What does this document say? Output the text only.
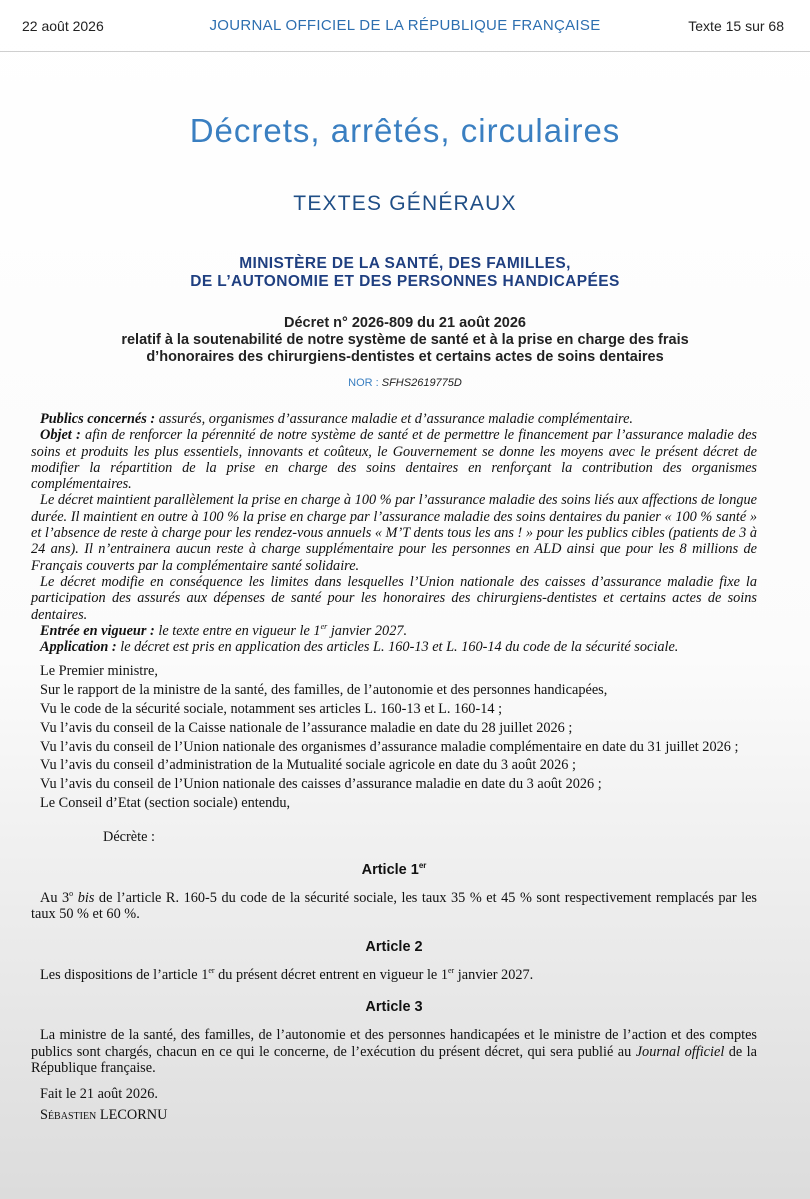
22 août 2026	JOURNAL OFFICIEL DE LA RÉPUBLIQUE FRANÇAISE	Texte 15 sur 68
Décrets, arrêtés, circulaires
TEXTES GÉNÉRAUX
MINISTÈRE DE LA SANTÉ, DES FAMILLES,
DE L’AUTONOMIE ET DES PERSONNES HANDICAPÉES
Décret n° 2026-809 du 21 août 2026
relatif à la soutenabilité de notre système de santé et à la prise en charge des frais
d’honoraires des chirurgiens-dentistes et certains actes de soins dentaires
NOR : SFHS2619775D

Publics concernés : assurés, organismes d’assurance maladie et d’assurance maladie complémentaire.

Objet : afin de renforcer la pérennité de notre système de santé et de permettre le financement par l’assurance maladie des soins et produits les plus essentiels, innovants et coûteux, le Gouvernement se donne les moyens avec le présent décret de modifier la répartition de la prise en charge des soins dentaires en renforçant la contribution des organismes complémentaires.

Le décret maintient parallèlement la prise en charge à 100 % par l’assurance maladie des soins liés aux affections de longue durée. Il maintient en outre à 100 % la prise en charge par l’assurance maladie des soins dentaires du panier « 100 % santé » et l’absence de reste à charge pour les rendez-vous annuels « M’T dents tous les ans ! » pour les publics cibles (patients de 3 à 24 ans). Il n’entrainera aucun reste à charge supplémentaire pour les personnes en ALD ainsi que pour les 8 millions de Français couverts par la complémentaire santé solidaire.

Le décret modifie en conséquence les limites dans lesquelles l’Union nationale des caisses d’assurance maladie fixe la participation des assurés aux dépenses de santé pour les honoraires des chirurgiens-dentistes et certains actes de soins dentaires.

Entrée en vigueur : le texte entre en vigueur le 1er janvier 2027.

Application : le décret est pris en application des articles L. 160-13 et L. 160-14 du code de la sécurité sociale.

Le Premier ministre,

Sur le rapport de la ministre de la santé, des familles, de l’autonomie et des personnes handicapées,

Vu le code de la sécurité sociale, notamment ses articles L. 160-13 et L. 160-14 ;

Vu l’avis du conseil de la Caisse nationale de l’assurance maladie en date du 28 juillet 2026 ;

Vu l’avis du conseil de l’Union nationale des organismes d’assurance maladie complémentaire en date du 31 juillet 2026 ;

Vu l’avis du conseil d’administration de la Mutualité sociale agricole en date du 3 août 2026 ;

Vu l’avis du conseil de l’Union nationale des caisses d’assurance maladie en date du 3 août 2026 ;

Le Conseil d’Etat (section sociale) entendu,

Décrète :

Article 1er

Au 3$^o$ bis de l’article R. 160-5 du code de la sécurité sociale, les taux 35 % et 45 % sont respectivement remplacés par les taux 50 % et 60 %.

Article 2

Les dispositions de l’article 1er du présent décret entrent en vigueur le 1er janvier 2027.

Article 3

La ministre de la santé, des familles, de l’autonomie et des personnes handicapées et le ministre de l’action et des comptes publics sont chargés, chacun en ce qui le concerne, de l’exécution du présent décret, qui sera publié au Journal officiel de la République française.

Fait le 21 août 2026.

Sébastien LECORNU
